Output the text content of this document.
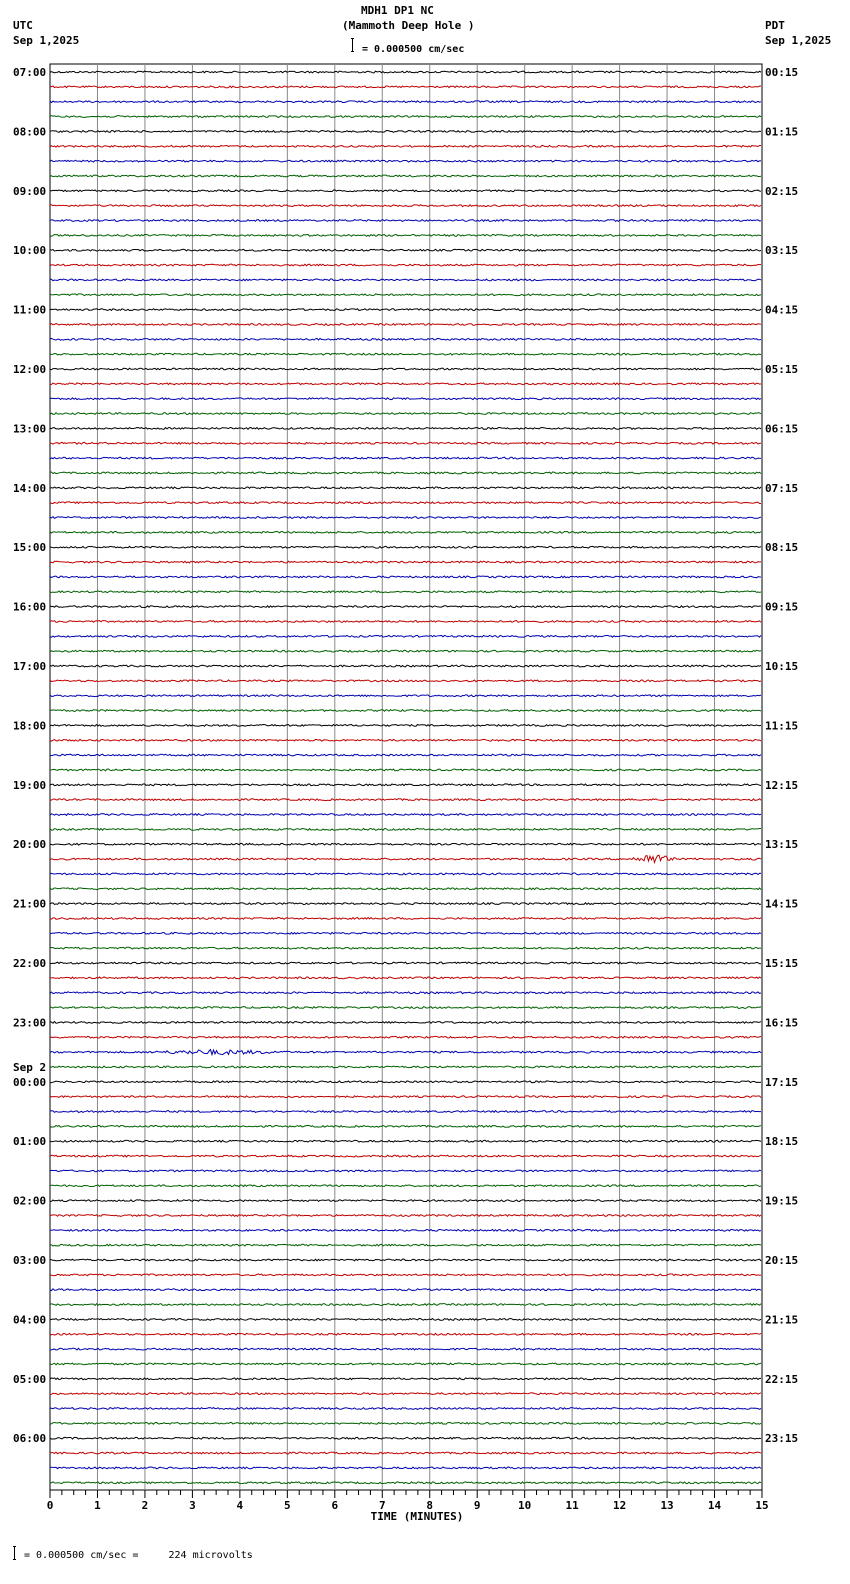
MDH1 DP1 NC
(Mammoth Deep Hole )
= 0.000500 cm/sec
UTC
Sep 1,2025
PDT
Sep 1,2025
07:00	00:15
08:00	01:15
09:00	02:15
10:00	03:15
11:00	04:15
12:00	05:15
13:00	06:15
14:00	07:15
15:00	08:15
16:00	09:15
17:00	10:15
18:00	11:15
19:00	12:15
20:00	13:15
21:00	14:15
22:00	15:15
23:00	16:15
00:00	17:15
01:00	18:15
02:00	19:15
03:00	20:15
04:00	21:15
05:00	22:15
06:00	23:15
Sep 2
0	1	2	3	4	5	6	7	8	9	10	11	12	13	14	15
TIME (MINUTES)
= 0.000500 cm/sec =     224 microvolts
